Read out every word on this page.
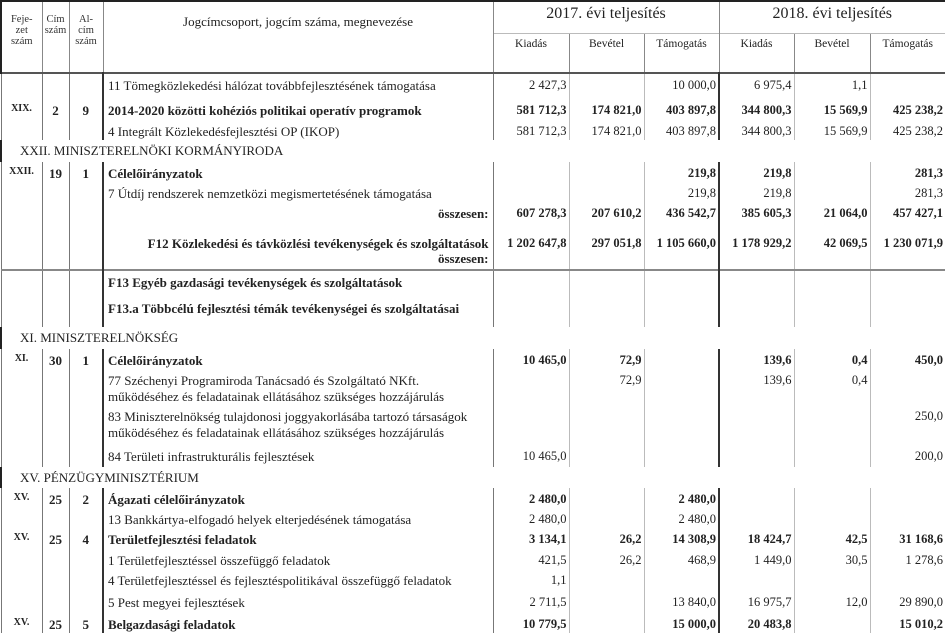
Feje-
zet
szám	Cím
szám	Al-
cím
szám	Jogcímcsoport, jogcím száma, megnevezése	2017. évi teljesítés			2018. évi teljesítés		
				Kiadás	Bevétel	Támogatás	Kiadás	Bevétel	Támogatás

			11 Tömegközlekedési hálózat továbbfejlesztésének támogatása	2 427,3		10 000,0	6 975,4	1,1	
XIX.	2	9	2014-2020 közötti kohéziós politikai operatív programok	581 712,3	174 821,0	403 897,8	344 800,3	15 569,9	425 238,2

			4 Integrált Közlekedésfejlesztési OP (IKOP)	581 712,3	174 821,0	403 897,8	344 800,3	15 569,9	425 238,2
XXII. MINISZTERELNÖKI KORMÁNYIRODA									
XXII.	19	1	Célelőirányzatok			219,8	219,8		281,3

			7 Útdíj rendszerek nemzetközi megismertetésének támogatása			219,8	219,8		281,3

			összesen:	607 278,3	207 610,2	436 542,7	385 605,3	21 064,0	457 427,1

			F12 Közlekedési és távközlési tevékenységek és szolgáltatások
összesen:	1 202 647,8	297 051,8	1 105 660,0	1 178 929,2	42 069,5	1 230 071,9

			F13 Egyéb gazdasági tevékenységek és szolgáltatások						

			F13.a Többcélú fejlesztési témák tevékenységei és szolgáltatásai						

XI. MINISZTERELNÖKSÉG									
XI.	30	1	Célelőirányzatok	10 465,0	72,9		139,6	0,4	450,0

			77 Széchenyi Programiroda Tanácsadó és Szolgáltató NKft.
működéséhez és feladatainak ellátásához szükséges hozzájárulás		72,9		139,6	0,4	

			83 Miniszterelnökség tulajdonosi joggyakorlásába tartozó társaságok
működéséhez és feladatainak ellátásához szükséges hozzájárulás						250,0

			84 Területi infrastrukturális fejlesztések	10 465,0					200,0
XV. PÉNZÜGYMINISZTÉRIUM									
XV.	25	2	Ágazati célelőirányzatok	2 480,0		2 480,0			

			13 Bankkártya-elfogadó helyek elterjedésének támogatása	2 480,0		2 480,0			
XV.	25	4	Területfejlesztési feladatok	3 134,1	26,2	14 308,9	18 424,7	42,5	31 168,6

			1 Területfejlesztéssel összefüggő feladatok	421,5	26,2	468,9	1 449,0	30,5	1 278,6

			4 Területfejlesztéssel és fejlesztéspolitikával összefüggő feladatok	1,1					

			5 Pest megyei fejlesztések	2 711,5		13 840,0	16 975,7	12,0	29 890,0
XV.	25	5	Belgazdasági feladatok	10 779,5		15 000,0	20 483,8		15 010,2
